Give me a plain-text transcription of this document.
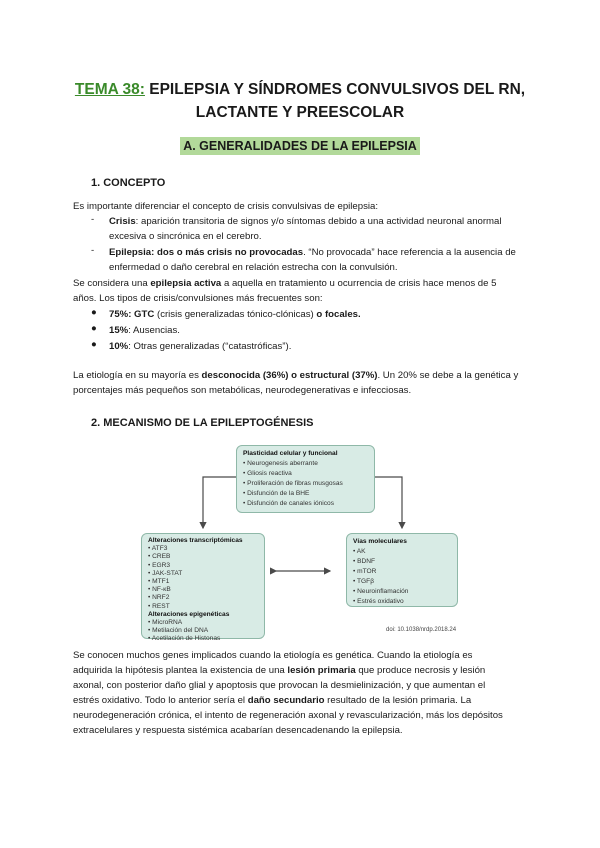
TEMA 38: EPILEPSIA Y SÍNDROMES CONVULSIVOS DEL RN,
LACTANTE Y PREESCOLAR
A. GENERALIDADES DE LA EPILEPSIA
1. CONCEPTO
Es importante diferenciar el concepto de crisis convulsivas de epilepsia:
- Crisis: aparición transitoria de signos y/o síntomas debido a una actividad neuronal anormal
excesiva o sincrónica en el cerebro.
- Epilepsia: dos o más crisis no provocadas. “No provocada” hace referencia a la ausencia de
enfermedad o daño cerebral en relación estrecha con la convulsión.
Se considera una epilepsia activa a aquella en tratamiento u ocurrencia de crisis hace menos de 5
años. Los tipos de crisis/convulsiones más frecuentes son:
● 75%: GTC (crisis generalizadas tónico-clónicas) o focales.
● 15%: Ausencias.
● 10%: Otras generalizadas (“catastróficas”).
La etiología en su mayoría es desconocida (36%) o estructural (37%). Un 20% se debe a la genética y
porcentajes más pequeños son metabólicas, neurodegenerativas e infecciosas.
2. MECANISMO DE LA EPILEPTOGÉNESIS
Plasticidad celular y funcional
• Neurogenesis aberrante
• Gliosis reactiva
• Proliferación de fibras musgosas
• Disfunción de la BHE
• Disfunción de canales iónicos
Alteraciones transcriptómicas
• ATF3
• CREB
• EGR3
• JAK-STAT
• MTF1
• NF-κB
• NRF2
• REST
Alteraciones epigenéticas
• MicroRNA
• Metilación del DNA
• Acetilación de Histonas
Vías moleculares
• AK
• BDNF
• mTOR
• TGFβ
• Neuroinflamación
• Estrés oxidativo
doi: 10.1038/nrdp.2018.24
Se conocen muchos genes implicados cuando la etiología es genética. Cuando la etiología es
adquirida la hipótesis plantea la existencia de una lesión primaria que produce necrosis y lesión
axonal, con posterior daño glial y apoptosis que provocan la desmielinización, y que aumentan el
estrés oxidativo. Todo lo anterior sería el daño secundario resultado de la lesión primaria. La
neurodegeneración crónica, el intento de regeneración axonal y revascularización, más los depósitos
extracelulares y respuesta sistémica acabarían desencadenando la epilepsia.
